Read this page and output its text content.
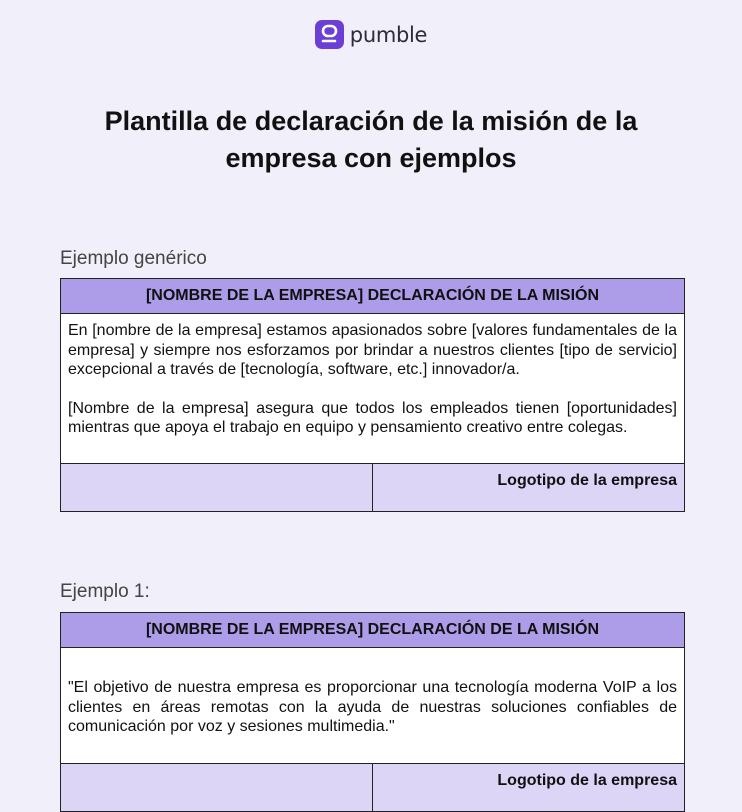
pumble
Plantilla de declaración de la misión de la empresa con ejemplos

Ejemplo genérico

[NOMBRE DE LA EMPRESA] DECLARACIÓN DE LA MISIÓN

En [nombre de la empresa] estamos apasionados sobre [valores fundamentales de la empresa] y siempre nos esforzamos por brindar a nuestros clientes [tipo de servicio] excepcional a través de [tecnología, software, etc.] innovador/a.

[Nombre de la empresa] asegura que todos los empleados tienen [oportunidades] mientras que apoya el trabajo en equipo y pensamiento creativo entre colegas.

Logotipo de la empresa

Ejemplo 1:

[NOMBRE DE LA EMPRESA] DECLARACIÓN DE LA MISIÓN

"El objetivo de nuestra empresa es proporcionar una tecnología moderna VoIP a los clientes en áreas remotas con la ayuda de nuestras soluciones confiables de comunicación por voz y sesiones multimedia."

Logotipo de la empresa
